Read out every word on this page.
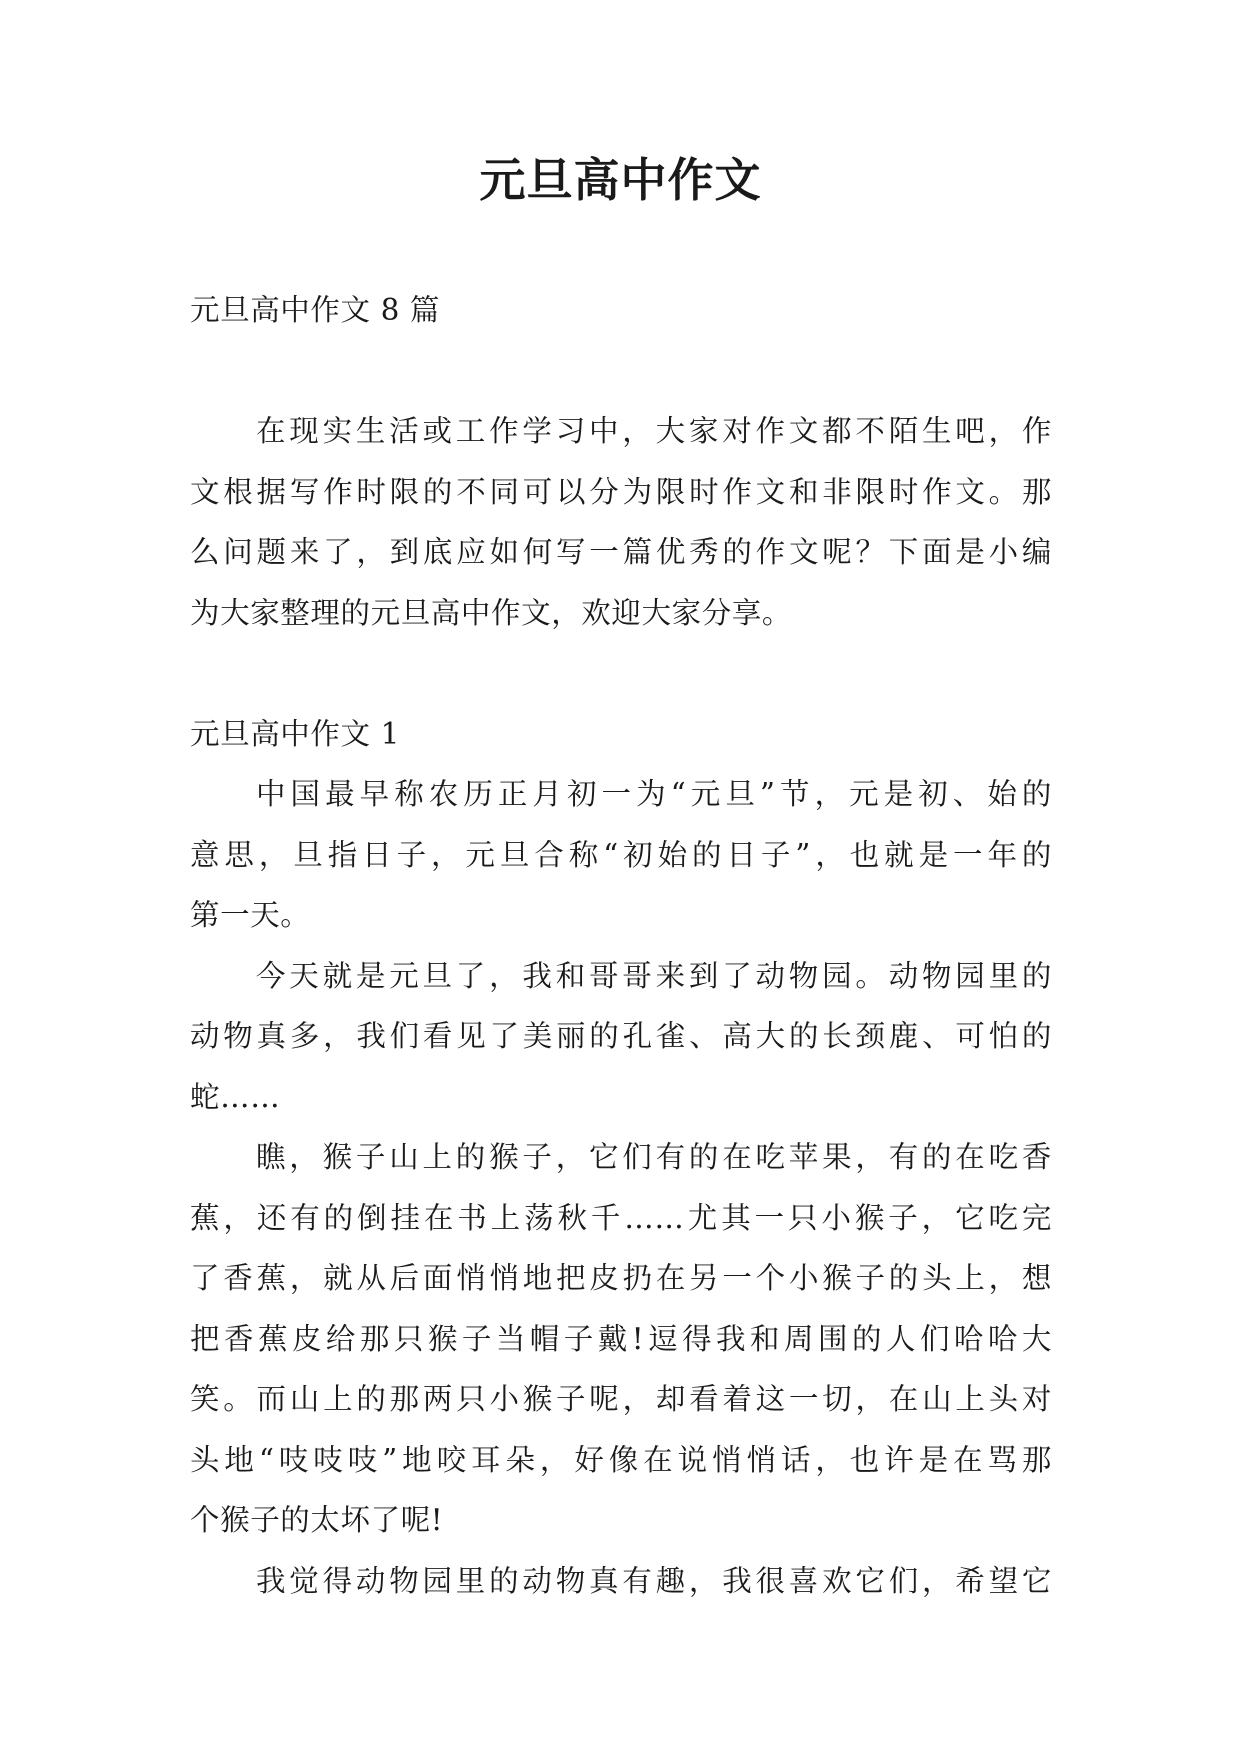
元旦高中作文
元旦高中作文 8 篇
在现实生活或工作学习中，大家对作文都不陌生吧，作
文根据写作时限的不同可以分为限时作文和非限时作文。那
么问题来了，到底应如何写一篇优秀的作文呢？下面是小编
为大家整理的元旦高中作文，欢迎大家分享。
元旦高中作文 1
中国最早称农历正月初一为“元旦”节，元是初、始的
意思，旦指日子，元旦合称“初始的日子”，也就是一年的
第一天。
今天就是元旦了，我和哥哥来到了动物园。动物园里的
动物真多，我们看见了美丽的孔雀、高大的长颈鹿、可怕的
蛇……
瞧，猴子山上的猴子，它们有的在吃苹果，有的在吃香
蕉，还有的倒挂在书上荡秋千……尤其一只小猴子，它吃完
了香蕉，就从后面悄悄地把皮扔在另一个小猴子的头上，想
把香蕉皮给那只猴子当帽子戴!逗得我和周围的人们哈哈大
笑。而山上的那两只小猴子呢，却看着这一切，在山上头对
头地“吱吱吱”地咬耳朵，好像在说悄悄话，也许是在骂那
个猴子的太坏了呢!
我觉得动物园里的动物真有趣，我很喜欢它们，希望它
